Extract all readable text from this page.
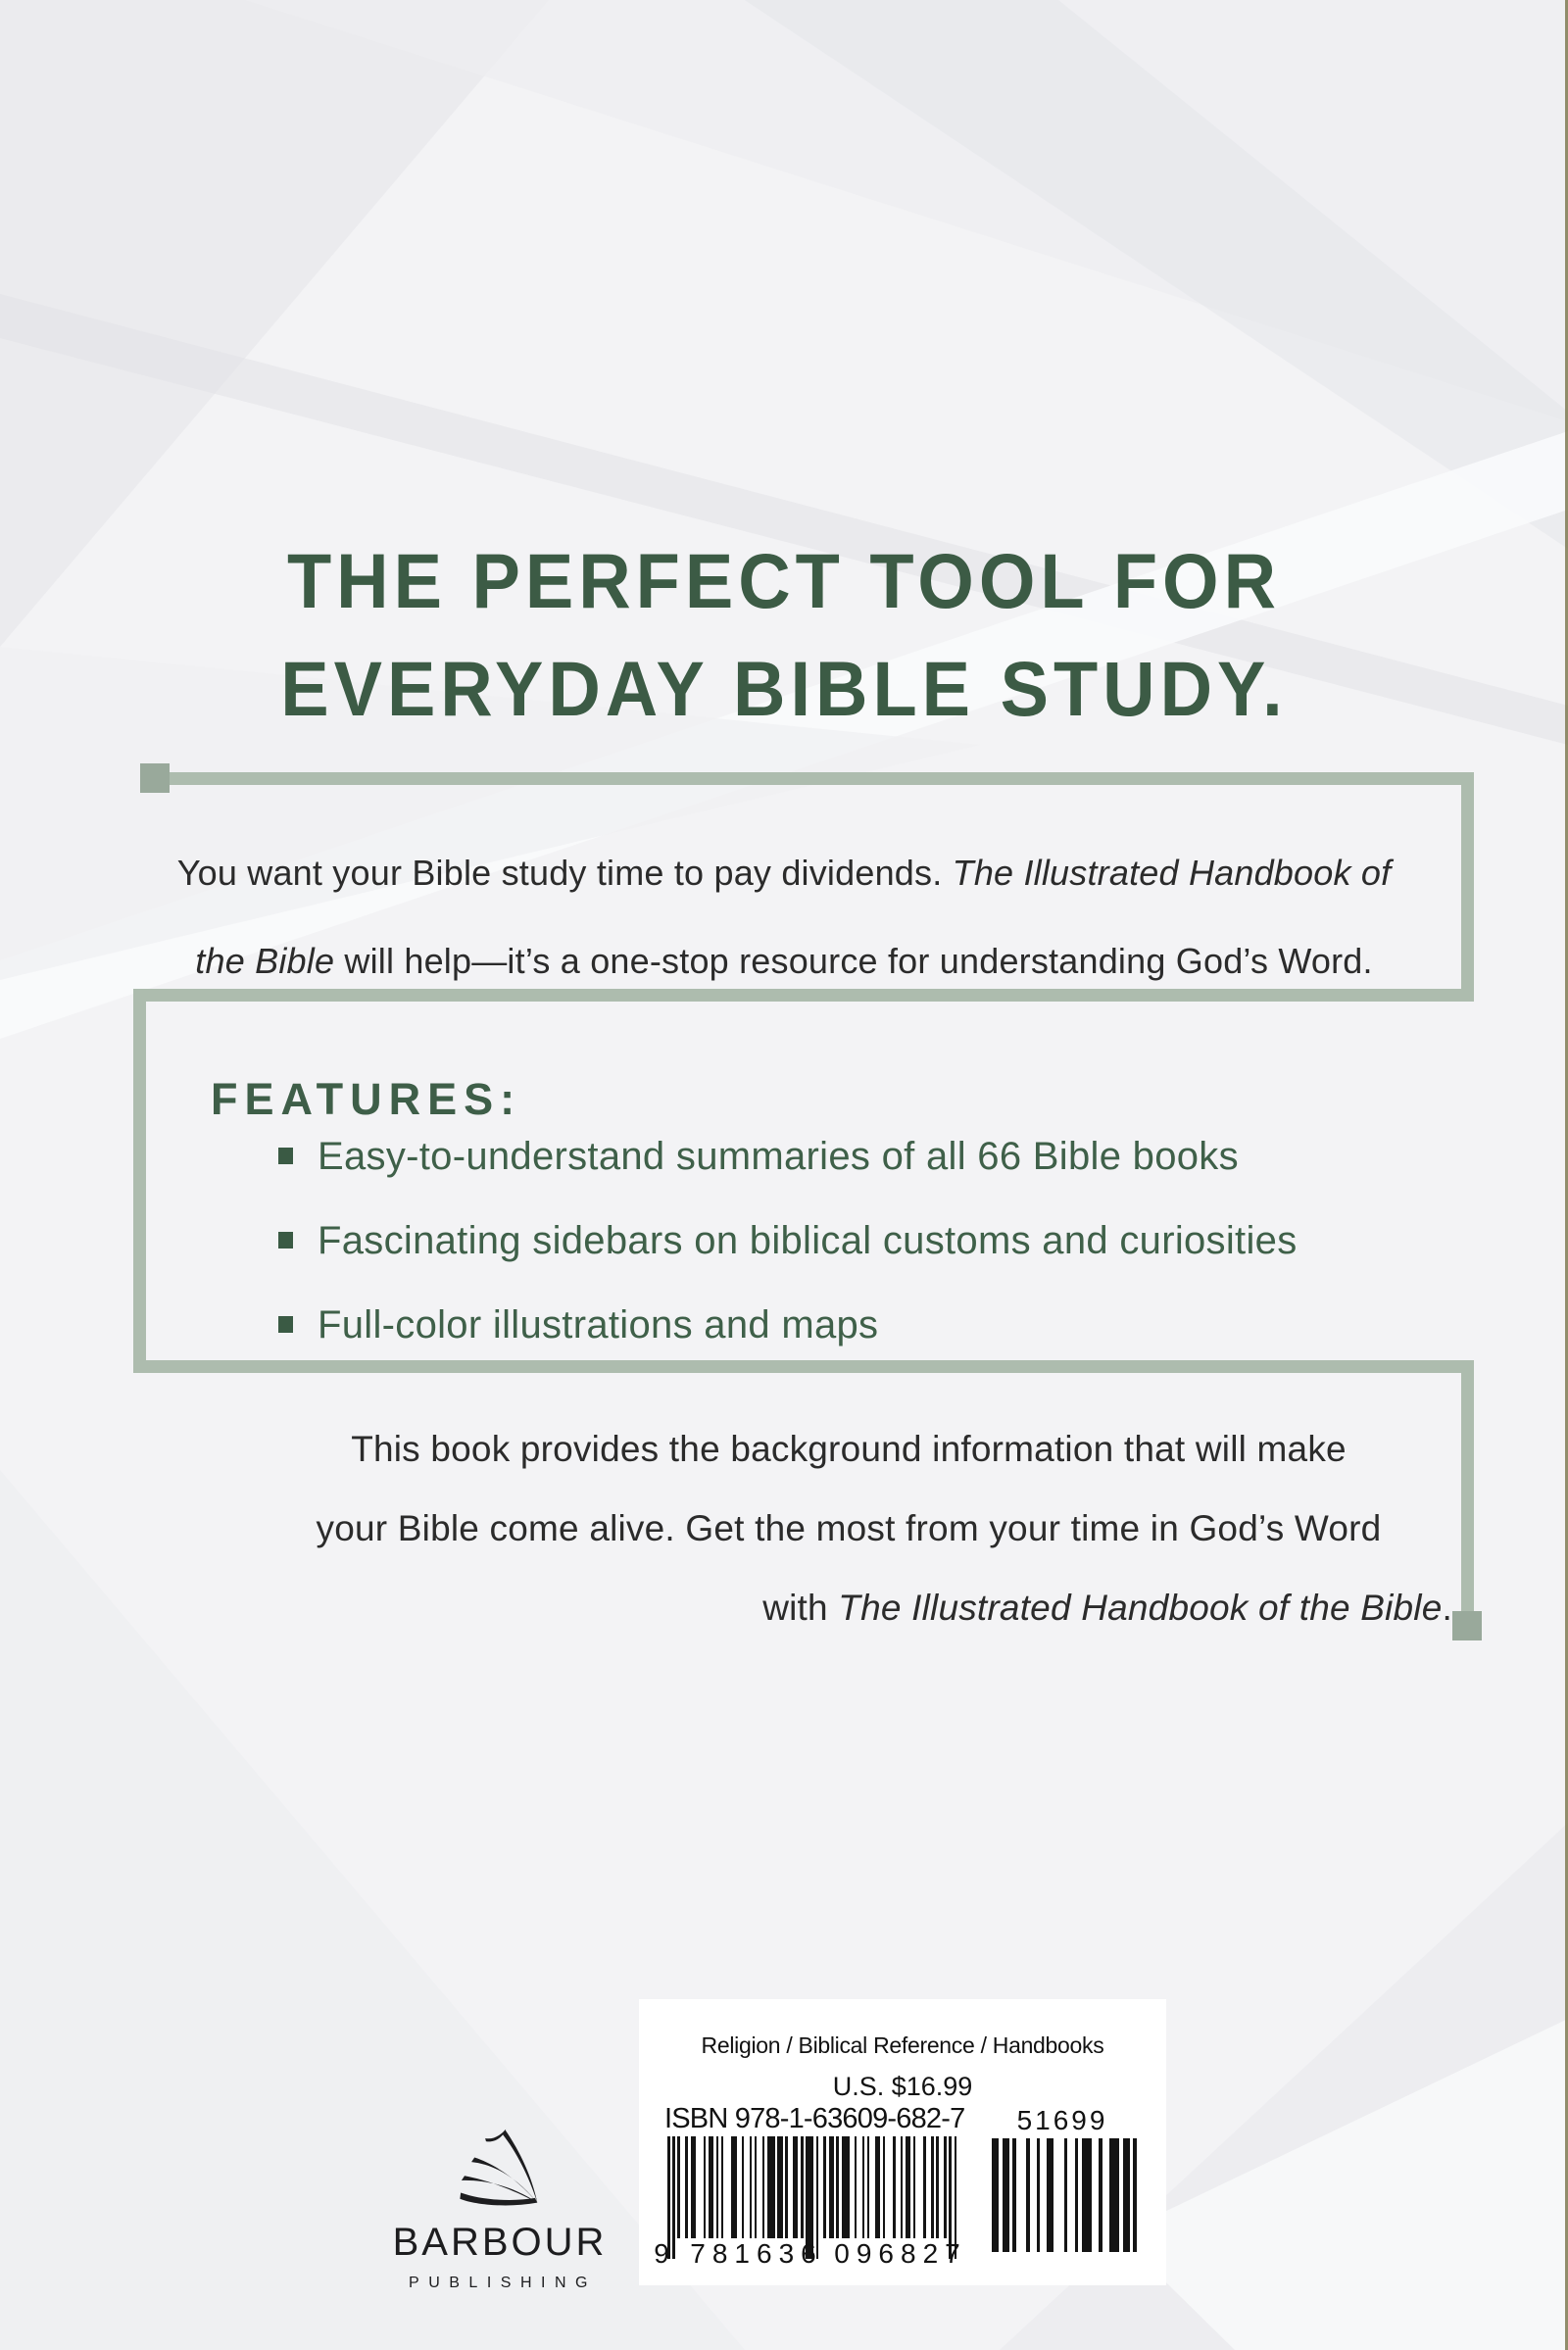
THE PERFECT TOOL FOR
EVERYDAY BIBLE STUDY.
You want your Bible study time to pay dividends. The Illustrated Handbook of
the Bible will help—it’s a one-stop resource for understanding God’s Word.
FEATURES:
Easy-to-understand summaries of all 66 Bible books
Fascinating sidebars on biblical customs and curiosities
Full-color illustrations and maps
This book provides the background information that will make
your Bible come alive. Get the most from your time in God’s Word
with The Illustrated Handbook of the Bible.
Religion / Biblical Reference / Handbooks
U.S. $16.99
ISBN 978-1-63609-682-7
9 781636 096827
51699
BARBOUR
PUBLISHING
